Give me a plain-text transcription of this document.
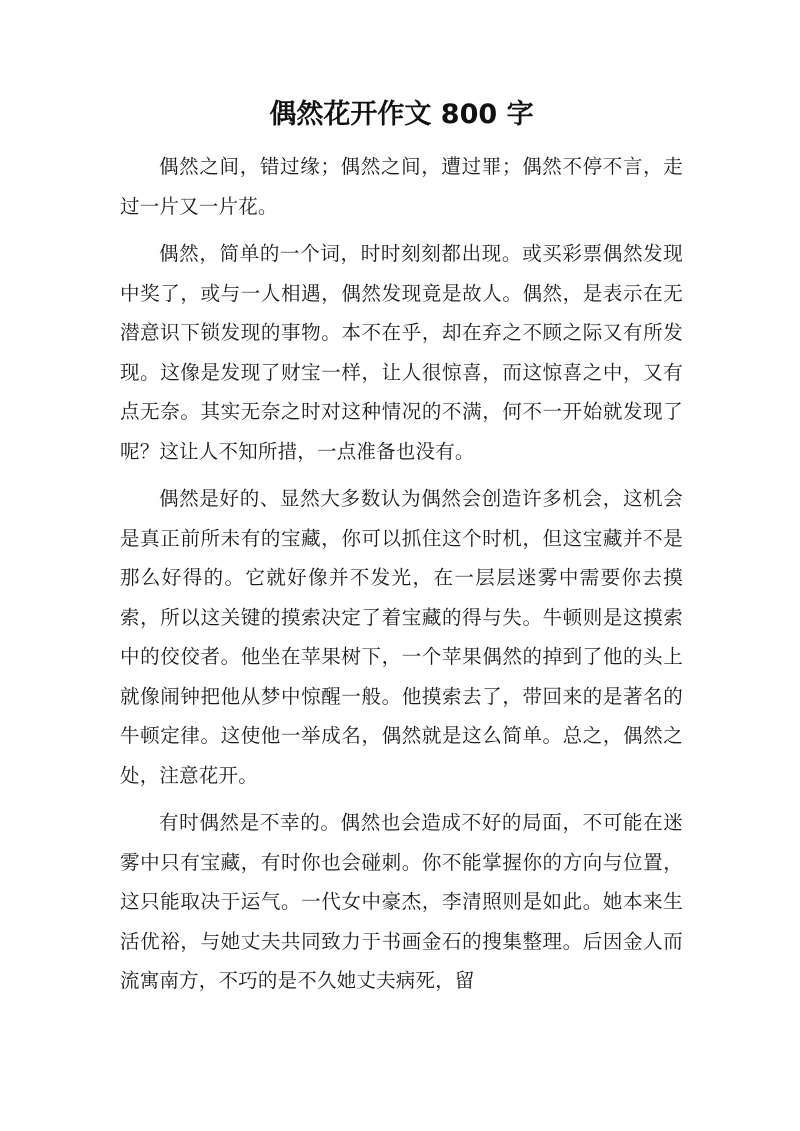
偶然花开作文 800 字

偶然之间，错过缘；偶然之间，遭过罪；偶然不停不言，走过一片又一片花。

偶然，简单的一个词，时时刻刻都出现。或买彩票偶然发现中奖了，或与一人相遇，偶然发现竟是故人。偶然，是表示在无潜意识下锁发现的事物。本不在乎，却在弃之不顾之际又有所发现。这像是发现了财宝一样，让人很惊喜，而这惊喜之中，又有点无奈。其实无奈之时对这种情况的不满，何不一开始就发现了呢？这让人不知所措，一点准备也没有。

偶然是好的、显然大多数认为偶然会创造许多机会，这机会是真正前所未有的宝藏，你可以抓住这个时机，但这宝藏并不是那么好得的。它就好像并不发光，在一层层迷雾中需要你去摸索，所以这关键的摸索决定了着宝藏的得与失。牛顿则是这摸索中的佼佼者。他坐在苹果树下，一个苹果偶然的掉到了他的头上就像闹钟把他从梦中惊醒一般。他摸索去了，带回来的是著名的牛顿定律。这使他一举成名，偶然就是这么简单。总之，偶然之处，注意花开。

有时偶然是不幸的。偶然也会造成不好的局面，不可能在迷雾中只有宝藏，有时你也会碰刺。你不能掌握你的方向与位置，这只能取决于运气。一代女中豪杰，李清照则是如此。她本来生活优裕，与她丈夫共同致力于书画金石的搜集整理。后因金人而流寓南方，不巧的是不久她丈夫病死，留
